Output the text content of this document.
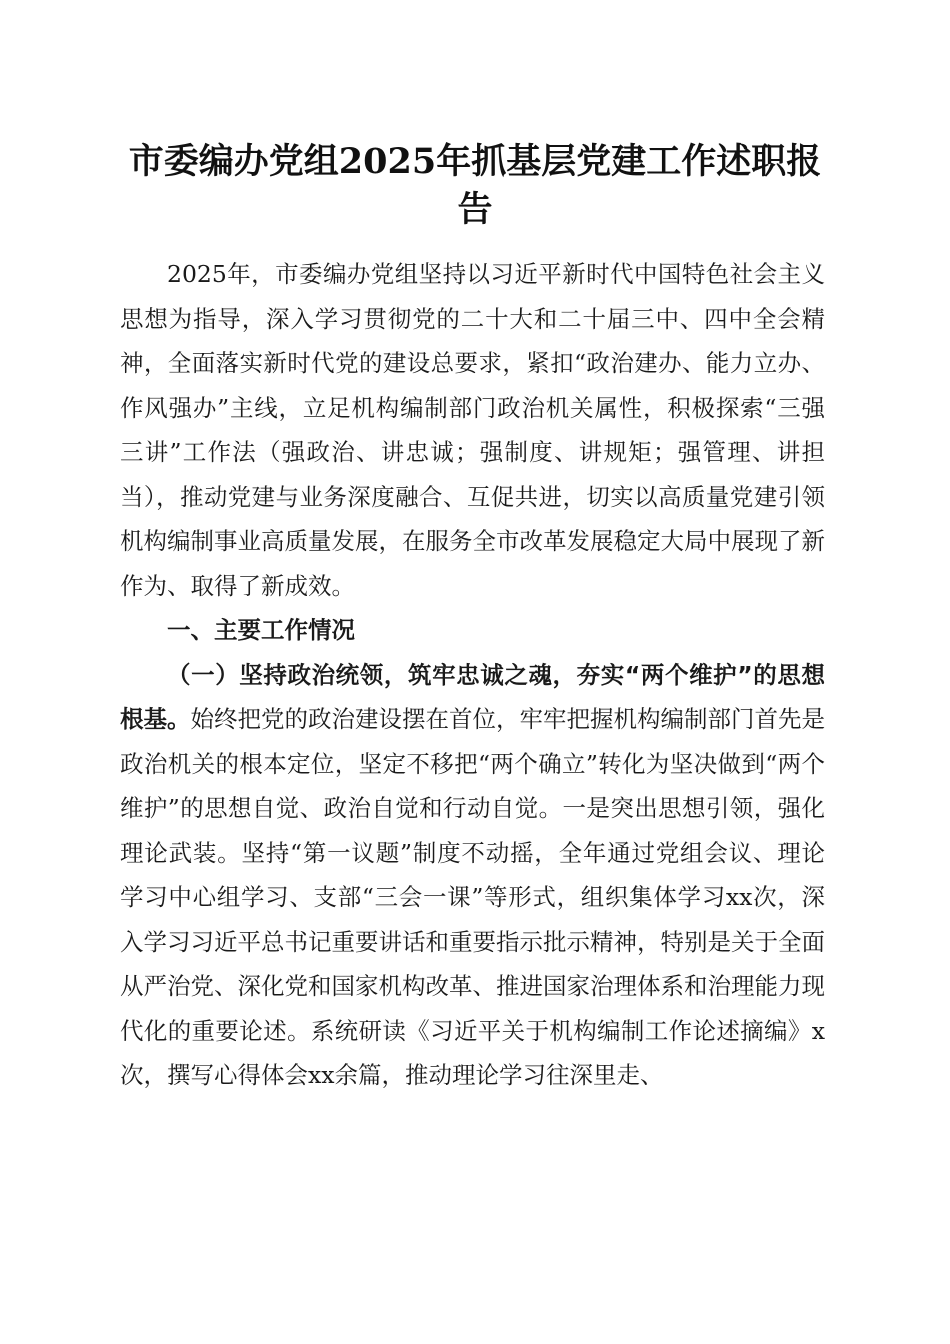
市委编办党组2025年抓基层党建工作述职报告

2025年，市委编办党组坚持以习近平新时代中国特色社会主义思想为指导，深入学习贯彻党的二十大和二十届三中、四中全会精神，全面落实新时代党的建设总要求，紧扣“政治建办、能力立办、作风强办”主线，立足机构编制部门政治机关属性，积极探索“三强三讲”工作法（强政治、讲忠诚；强制度、讲规矩；强管理、讲担当），推动党建与业务深度融合、互促共进，切实以高质量党建引领机构编制事业高质量发展，在服务全市改革发展稳定大局中展现了新作为、取得了新成效。

一、主要工作情况

（一）坚持政治统领，筑牢忠诚之魂，夯实“两个维护”的思想根基。始终把党的政治建设摆在首位，牢牢把握机构编制部门首先是政治机关的根本定位，坚定不移把“两个确立”转化为坚决做到“两个维护”的思想自觉、政治自觉和行动自觉。一是突出思想引领，强化理论武装。坚持“第一议题”制度不动摇，全年通过党组会议、理论学习中心组学习、支部“三会一课”等形式，组织集体学习xx次，深入学习习近平总书记重要讲话和重要指示批示精神，特别是关于全面从严治党、深化党和国家机构改革、推进国家治理体系和治理能力现代化的重要论述。系统研读《习近平关于机构编制工作论述摘编》x次，撰写心得体会xx余篇，推动理论学习往深里走、
